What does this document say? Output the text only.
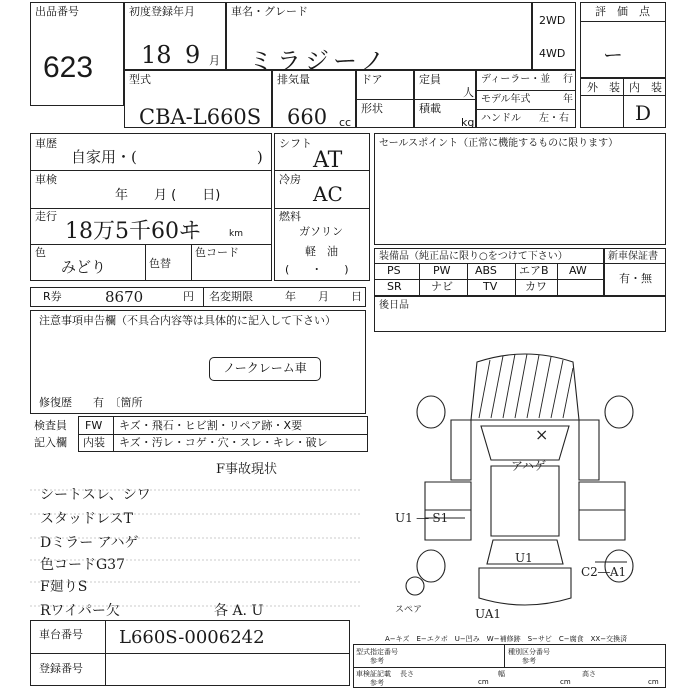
出品番号
623
初度登録年月
18 9 月
車名・グレード
ミラジーノ
2WD
4WD
評　価　点
ー
型式
CBA-L660S
排気量
660 cc
ドア
形状
定員
人
積載
kg
ディーラー・並 行
モデル年式	年
ハンドル 左・右
外　装 内　装
D
車歴
自家用・(　　　　　　　　)
車検
年　　月 (　　日)
走行
18万5千60ヰ	km
色
みどり	色替
色コード
シフト
AT
冷房
AC
燃料
ガソリン
軽　油
(　　・　　)
セールスポイント（正常に機能するものに限ります）
装備品（純正品に限り○をつけて下さい）
PS	PW ABS エアB AW
SR	ナビ	TV	カワ
新車保証書
有・無
後日品
R券	8670	円 名変期限	年　　月　　日
注意事項申告欄（不具合内容等は具体的に記入して下さい）
ノークレーム車
修復歴 有　〔箇所
検査員
記入欄
FW キズ・飛石・ヒビ割・リペア跡・X要
内装 キズ・汚レ・コゲ・穴・スレ・キレ・破レ
F事故現状
シートスレ、シワ
スタッドレスT
Dミラー アハゲ
色コードG37
F廻りS
Rワイパー欠	各 A. U
×
アハゲ
U1 ― S1
U1
C2―A1
スペア	UA1
車台番号 L660S-0006242
登録番号
A−キズ　E−エクボ　U−凹み　W−補修跡　S−サビ　C−腐食　XX−交換済
型式指定番号
参考
種別区分番号
参考
車検証記載
参考
長さ
cm
幅
cm
高さ
cm
